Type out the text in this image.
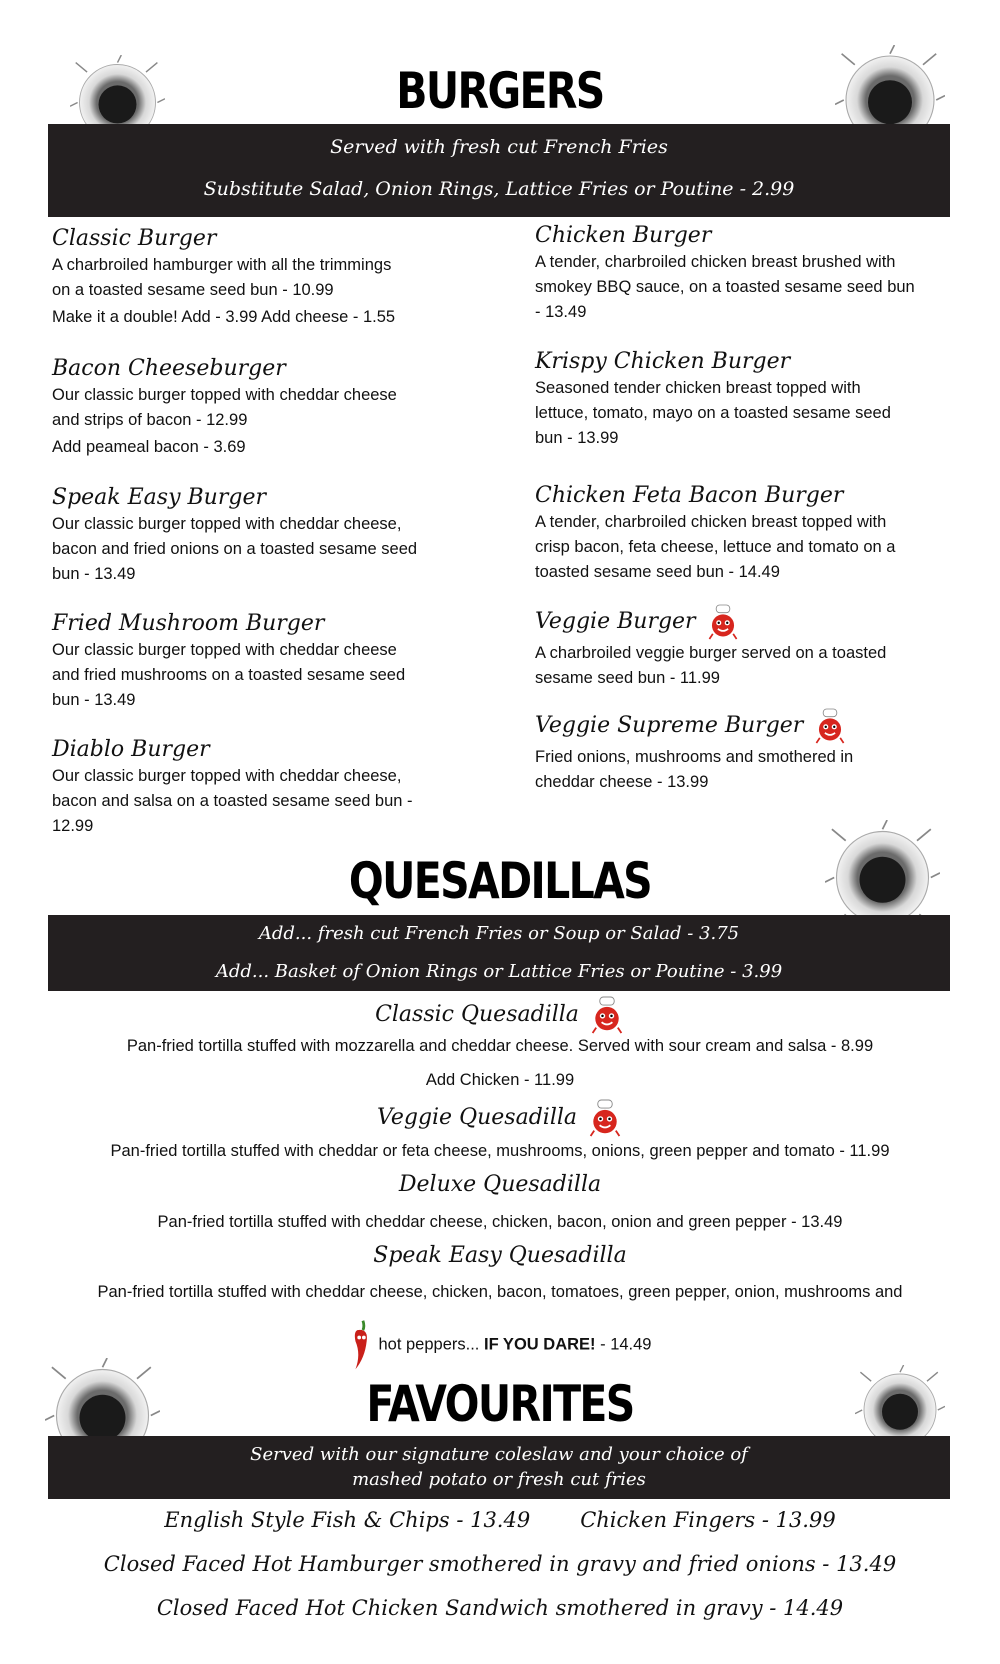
BURGERS
Served with fresh cut French Fries
Substitute Salad, Onion Rings, Lattice Fries or Poutine - 2.99
Classic Burger
A charbroiled hamburger with all the trimmings
on a toasted sesame seed bun - 10.99
Make it a double! Add - 3.99 Add cheese - 1.55
Bacon Cheeseburger
Our classic burger topped with cheddar cheese
and strips of bacon - 12.99
Add peameal bacon - 3.69
Speak Easy Burger
Our classic burger topped with cheddar cheese,
bacon and fried onions on a toasted sesame seed
bun - 13.49
Fried Mushroom Burger
Our classic burger topped with cheddar cheese
and fried mushrooms on a toasted sesame seed
bun - 13.49
Diablo Burger
Our classic burger topped with cheddar cheese,
bacon and salsa on a toasted sesame seed bun -
12.99
Chicken Burger
A tender, charbroiled chicken breast brushed with
smokey BBQ sauce, on a toasted sesame seed bun
- 13.49
Krispy Chicken Burger
Seasoned tender chicken breast topped with
lettuce, tomato, mayo on a toasted sesame seed
bun - 13.99
Chicken Feta Bacon Burger
A tender, charbroiled chicken breast topped with
crisp bacon, feta cheese, lettuce and tomato on a
toasted sesame seed bun - 14.49
Veggie Burger
A charbroiled veggie burger served on a toasted
sesame seed bun - 11.99
Veggie Supreme Burger
Fried onions, mushrooms and smothered in
cheddar cheese - 13.99
QUESADILLAS
Add... fresh cut French Fries or Soup or Salad - 3.75
Add... Basket of Onion Rings or Lattice Fries or Poutine - 3.99
Classic Quesadilla
Pan-fried tortilla stuffed with mozzarella and cheddar cheese. Served with sour cream and salsa - 8.99
Add Chicken - 11.99
Veggie Quesadilla
Pan-fried tortilla stuffed with cheddar or feta cheese, mushrooms, onions, green pepper and tomato - 11.99
Deluxe Quesadilla
Pan-fried tortilla stuffed with cheddar cheese, chicken, bacon, onion and green pepper - 13.49
Speak Easy Quesadilla
Pan-fried tortilla stuffed with cheddar cheese, chicken, bacon, tomatoes, green pepper, onion, mushrooms and
hot peppers... IF YOU DARE! - 14.49
FAVOURITES
Served with our signature coleslaw and your choice of
mashed potato or fresh cut fries
English Style Fish & Chips - 13.49 Chicken Fingers - 13.99
Closed Faced Hot Hamburger smothered in gravy and fried onions - 13.49
Closed Faced Hot Chicken Sandwich smothered in gravy - 14.49
